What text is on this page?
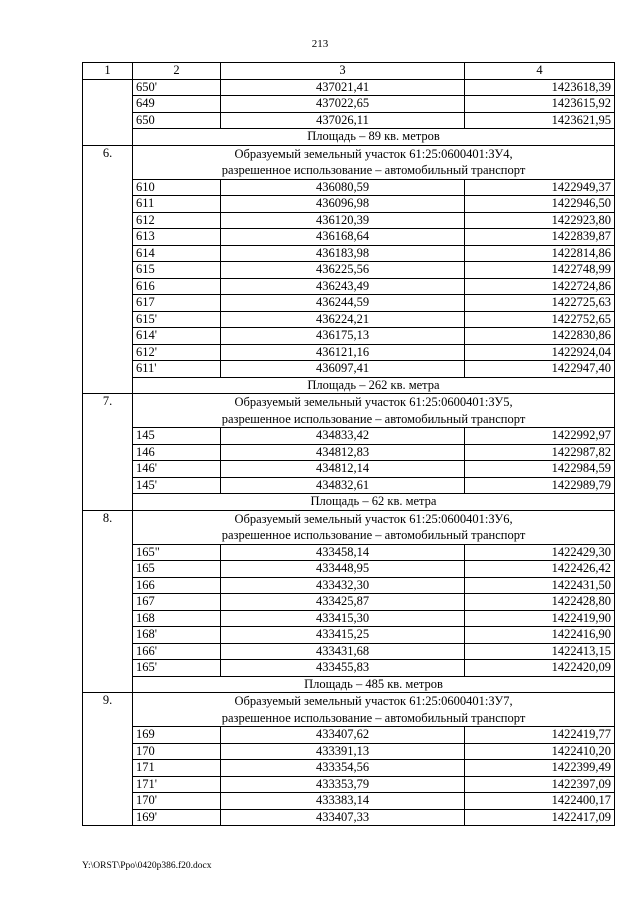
213
1	2	3	4
	650'	437021,41	1423618,39
	649	437022,65	1423615,92
	650	437026,11	1423621,95
	Площадь – 89 кв. метров		
6.	Образуемый земельный участок 61:25:0600401:ЗУ4,
разрешенное использование – автомобильный транспорт		

	610	436080,59	1422949,37
	611	436096,98	1422946,50
	612	436120,39	1422923,80
	613	436168,64	1422839,87
	614	436183,98	1422814,86
	615	436225,56	1422748,99
	616	436243,49	1422724,86
	617	436244,59	1422725,63
	615'	436224,21	1422752,65
	614'	436175,13	1422830,86
	612'	436121,16	1422924,04
	611'	436097,41	1422947,40
	Площадь – 262 кв. метра		
7.	Образуемый земельный участок 61:25:0600401:ЗУ5,
разрешенное использование – автомобильный транспорт		

	145	434833,42	1422992,97
	146	434812,83	1422987,82
	146'	434812,14	1422984,59
	145'	434832,61	1422989,79
	Площадь – 62 кв. метра		
8.	Образуемый земельный участок 61:25:0600401:ЗУ6,
разрешенное использование – автомобильный транспорт		

	165"	433458,14	1422429,30
	165	433448,95	1422426,42
	166	433432,30	1422431,50
	167	433425,87	1422428,80
	168	433415,30	1422419,90
	168'	433415,25	1422416,90
	166'	433431,68	1422413,15
	165'	433455,83	1422420,09
	Площадь – 485 кв. метров		
9.	Образуемый земельный участок 61:25:0600401:ЗУ7,
разрешенное использование – автомобильный транспорт		

	169	433407,62	1422419,77
	170	433391,13	1422410,20
	171	433354,56	1422399,49
	171'	433353,79	1422397,09
	170'	433383,14	1422400,17
	169'	433407,33	1422417,09
Y:\ORST\Ppo\0420p386.f20.docx
